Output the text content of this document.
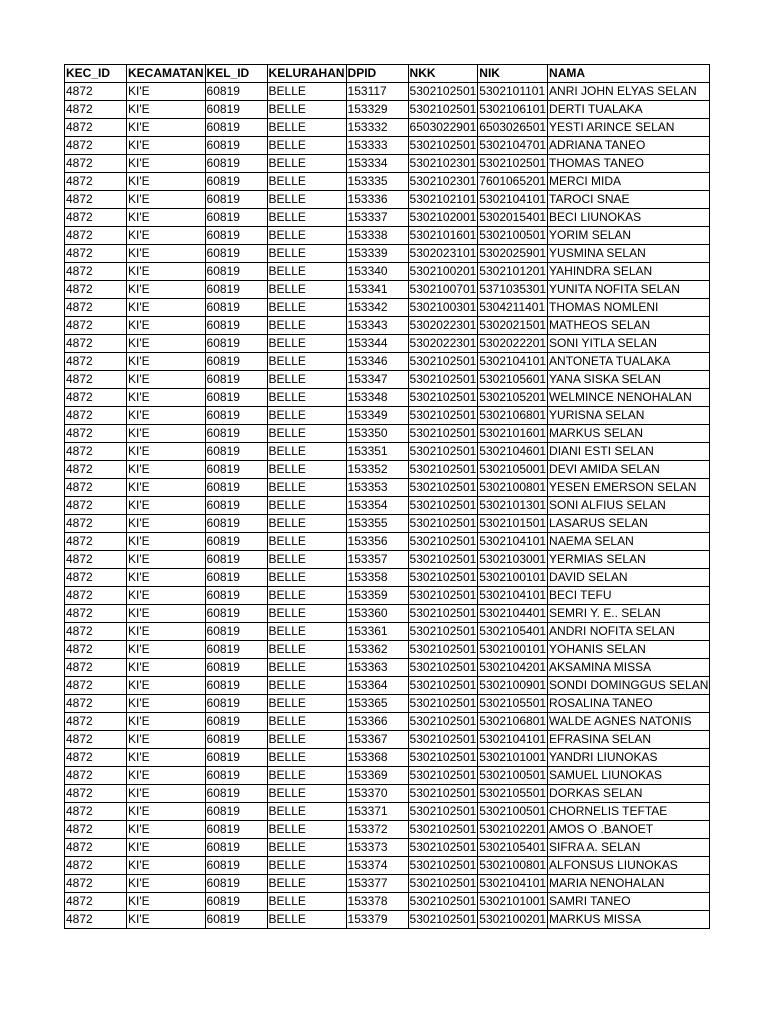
KEC_ID	KECAMATAN	KEL_ID	KELURAHAN	DPID	NKK	NIK	NAMA
4872	KI'E	60819	BELLE	153117	5302102501	5302101101	ANRI JOHN ELYAS SELAN
4872	KI'E	60819	BELLE	153329	5302102501	5302106101	DERTI TUALAKA
4872	KI'E	60819	BELLE	153332	6503022901	6503026501	YESTI ARINCE SELAN
4872	KI'E	60819	BELLE	153333	5302102501	5302104701	ADRIANA TANEO
4872	KI'E	60819	BELLE	153334	5302102301	5302102501	THOMAS TANEO
4872	KI'E	60819	BELLE	153335	5302102301	7601065201	MERCI MIDA
4872	KI'E	60819	BELLE	153336	5302102101	5302104101	TAROCI SNAE
4872	KI'E	60819	BELLE	153337	5302102001	5302015401	BECI LIUNOKAS
4872	KI'E	60819	BELLE	153338	5302101601	5302100501	YORIM SELAN
4872	KI'E	60819	BELLE	153339	5302023101	5302025901	YUSMINA SELAN
4872	KI'E	60819	BELLE	153340	5302100201	5302101201	YAHINDRA SELAN
4872	KI'E	60819	BELLE	153341	5302100701	5371035301	YUNITA NOFITA SELAN
4872	KI'E	60819	BELLE	153342	5302100301	5304211401	THOMAS NOMLENI
4872	KI'E	60819	BELLE	153343	5302022301	5302021501	MATHEOS SELAN
4872	KI'E	60819	BELLE	153344	5302022301	5302022201	SONI YITLA SELAN
4872	KI'E	60819	BELLE	153346	5302102501	5302104101	ANTONETA TUALAKA
4872	KI'E	60819	BELLE	153347	5302102501	5302105601	YANA SISKA SELAN
4872	KI'E	60819	BELLE	153348	5302102501	5302105201	WELMINCE NENOHALAN
4872	KI'E	60819	BELLE	153349	5302102501	5302106801	YURISNA SELAN
4872	KI'E	60819	BELLE	153350	5302102501	5302101601	MARKUS SELAN
4872	KI'E	60819	BELLE	153351	5302102501	5302104601	DIANI ESTI SELAN
4872	KI'E	60819	BELLE	153352	5302102501	5302105001	DEVI AMIDA SELAN
4872	KI'E	60819	BELLE	153353	5302102501	5302100801	YESEN EMERSON SELAN
4872	KI'E	60819	BELLE	153354	5302102501	5302101301	SONI ALFIUS SELAN
4872	KI'E	60819	BELLE	153355	5302102501	5302101501	LASARUS SELAN
4872	KI'E	60819	BELLE	153356	5302102501	5302104101	NAEMA SELAN
4872	KI'E	60819	BELLE	153357	5302102501	5302103001	YERMIAS SELAN
4872	KI'E	60819	BELLE	153358	5302102501	5302100101	DAVID SELAN
4872	KI'E	60819	BELLE	153359	5302102501	5302104101	BECI TEFU
4872	KI'E	60819	BELLE	153360	5302102501	5302104401	SEMRI Y. E.. SELAN
4872	KI'E	60819	BELLE	153361	5302102501	5302105401	ANDRI NOFITA SELAN
4872	KI'E	60819	BELLE	153362	5302102501	5302100101	YOHANIS SELAN
4872	KI'E	60819	BELLE	153363	5302102501	5302104201	AKSAMINA MISSA
4872	KI'E	60819	BELLE	153364	5302102501	5302100901	SONDI DOMINGGUS SELAN
4872	KI'E	60819	BELLE	153365	5302102501	5302105501	ROSALINA TANEO
4872	KI'E	60819	BELLE	153366	5302102501	5302106801	WALDE AGNES NATONIS
4872	KI'E	60819	BELLE	153367	5302102501	5302104101	EFRASINA SELAN
4872	KI'E	60819	BELLE	153368	5302102501	5302101001	YANDRI LIUNOKAS
4872	KI'E	60819	BELLE	153369	5302102501	5302100501	SAMUEL LIUNOKAS
4872	KI'E	60819	BELLE	153370	5302102501	5302105501	DORKAS SELAN
4872	KI'E	60819	BELLE	153371	5302102501	5302100501	CHORNELIS TEFTAE
4872	KI'E	60819	BELLE	153372	5302102501	5302102201	AMOS O .BANOET
4872	KI'E	60819	BELLE	153373	5302102501	5302105401	SIFRA A. SELAN
4872	KI'E	60819	BELLE	153374	5302102501	5302100801	ALFONSUS LIUNOKAS
4872	KI'E	60819	BELLE	153377	5302102501	5302104101	MARIA NENOHALAN
4872	KI'E	60819	BELLE	153378	5302102501	5302101001	SAMRI TANEO
4872	KI'E	60819	BELLE	153379	5302102501	5302100201	MARKUS MISSA
